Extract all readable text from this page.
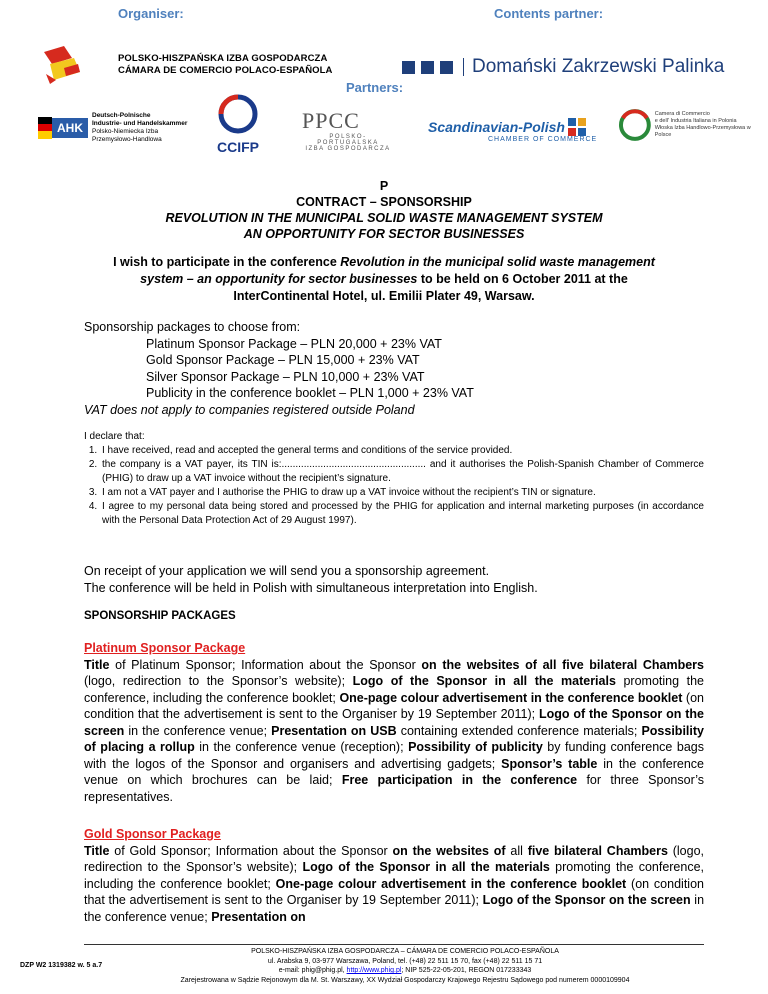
Organiser:	Contents partner:
POLSKO-HISZPAŃSKA IZBA GOSPODARCZA
CÁMARA DE COMERCIO POLACO-ESPAÑOLA	Domański Zakrzewski Palinka
Partners:
AHK
Deutsch-Polnische
Industrie- und Handelskammer
Polsko-Niemiecka Izba
Przemysłowo-Handlowa	CCIFP
PPCC
POLSKO-PORTUGALSKA
IZBA GOSPODARCZA
Scandinavian-Polish
CHAMBER OF COMMERCE
Camera di Commercio
e dell' Industria Italiana in Polonia
Włoska Izba Handlowo-Przemysłowa w Polsce
P
CONTRACT – SPONSORSHIP
REVOLUTION IN THE MUNICIPAL SOLID WASTE MANAGEMENT SYSTEM
AN OPPORTUNITY FOR SECTOR BUSINESSES
I wish to participate in the conference Revolution in the municipal solid waste management system – an opportunity for sector businesses to be held on 6 October 2011 at the InterContinental Hotel, ul. Emilii Plater 49, Warsaw.
Sponsorship packages to choose from:
Platinum Sponsor Package – PLN 20,000 + 23% VAT
Gold Sponsor Package – PLN 15,000 + 23% VAT
Silver Sponsor Package – PLN 10,000 + 23% VAT
Publicity in the conference booklet – PLN 1,000 + 23% VAT
VAT does not apply to companies registered outside Poland
I declare that:
1. I have received, read and accepted the general terms and conditions of the service provided.
2. the company is a VAT payer, its TIN is:.................................................... and it authorises the Polish-Spanish Chamber of Commerce (PHIG) to draw up a VAT invoice without the recipient’s signature.
3. I am not a VAT payer and I authorise the PHIG to draw up a VAT invoice without the recipient’s TIN or signature.
4. I agree to my personal data being stored and processed by the PHIG for application and internal marketing purposes (in accordance with the Personal Data Protection Act of 29 August 1997).
On receipt of your application we will send you a sponsorship agreement.
The conference will be held in Polish with simultaneous interpretation into English.
SPONSORSHIP PACKAGES
Platinum Sponsor Package
Title of Platinum Sponsor; Information about the Sponsor on the websites of all five bilateral Chambers (logo, redirection to the Sponsor’s website); Logo of the Sponsor in all the materials promoting the conference, including the conference booklet; One-page colour advertisement in the conference booklet (on condition that the advertisement is sent to the Organiser by 19 September 2011); Logo of the Sponsor on the screen in the conference venue; Presentation on USB containing extended conference materials; Possibility of placing a rollup in the conference venue (reception); Possibility of publicity by funding conference bags with the logos of the Sponsor and organisers and advertising gadgets; Sponsor’s table in the conference venue on which brochures can be laid; Free participation in the conference for three Sponsor’s representatives.
Gold Sponsor Package
Title of Gold Sponsor; Information about the Sponsor on the websites of all five bilateral Chambers (logo, redirection to the Sponsor’s website); Logo of the Sponsor in all the materials promoting the conference, including the conference booklet; One-page colour advertisement in the conference booklet (on condition that the advertisement is sent to the Organiser by 19 September 2011); Logo of the Sponsor on the screen in the conference venue; Presentation on
DZP W2 1319382 w. 5 a.7
POLSKO-HISZPAŃSKA IZBA GOSPODARCZA – CÁMARA DE COMERCIO POLACO-ESPAÑOLA
ul. Arabska 9, 03-977 Warszawa, Poland, tel. (+48) 22 511 15 70, fax (+48) 22 511 15 71
e-mail: phig@phig.pl, http://www.phig.pl; NIP 525-22-05-201, REGON 017233343
Zarejestrowana w Sądzie Rejonowym dla M. St. Warszawy, XX Wydział Gospodarczy Krajowego Rejestru Sądowego pod numerem 0000109904
